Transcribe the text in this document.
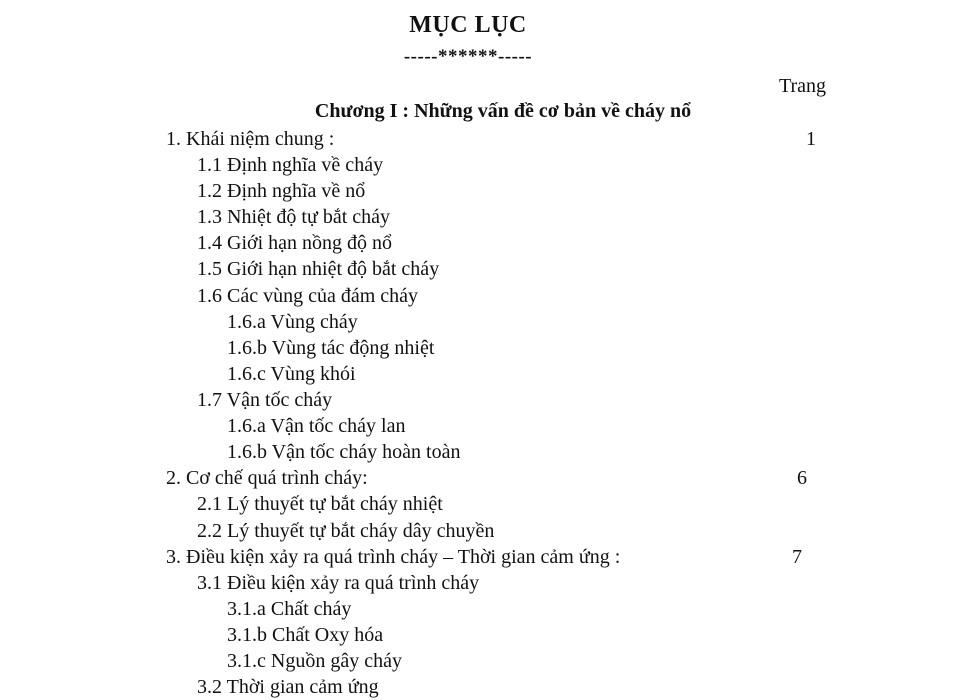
MỤC LỤC
-----******-----
Trang
Chương I : Những vấn đề cơ bản về cháy nổ
1. Khái niệm chung :	1
1.1 Định nghĩa về cháy
1.2 Định nghĩa về nổ
1.3 Nhiệt độ tự bắt cháy
1.4 Giới hạn nồng độ nổ
1.5 Giới hạn nhiệt độ bắt cháy
1.6 Các vùng của đám cháy
1.6.a Vùng cháy
1.6.b Vùng tác động nhiệt
1.6.c Vùng khói
1.7 Vận tốc cháy
1.6.a Vận tốc cháy lan
1.6.b Vận tốc cháy hoàn toàn
2. Cơ chế quá trình cháy:	6
2.1 Lý thuyết tự bắt cháy nhiệt
2.2 Lý thuyết tự bắt cháy dây chuyền
3. Điều kiện xảy ra quá trình cháy – Thời gian cảm ứng :	7
3.1 Điều kiện xảy ra quá trình cháy
3.1.a Chất cháy
3.1.b Chất Oxy hóa
3.1.c Nguồn gây cháy
3.2 Thời gian cảm ứng
